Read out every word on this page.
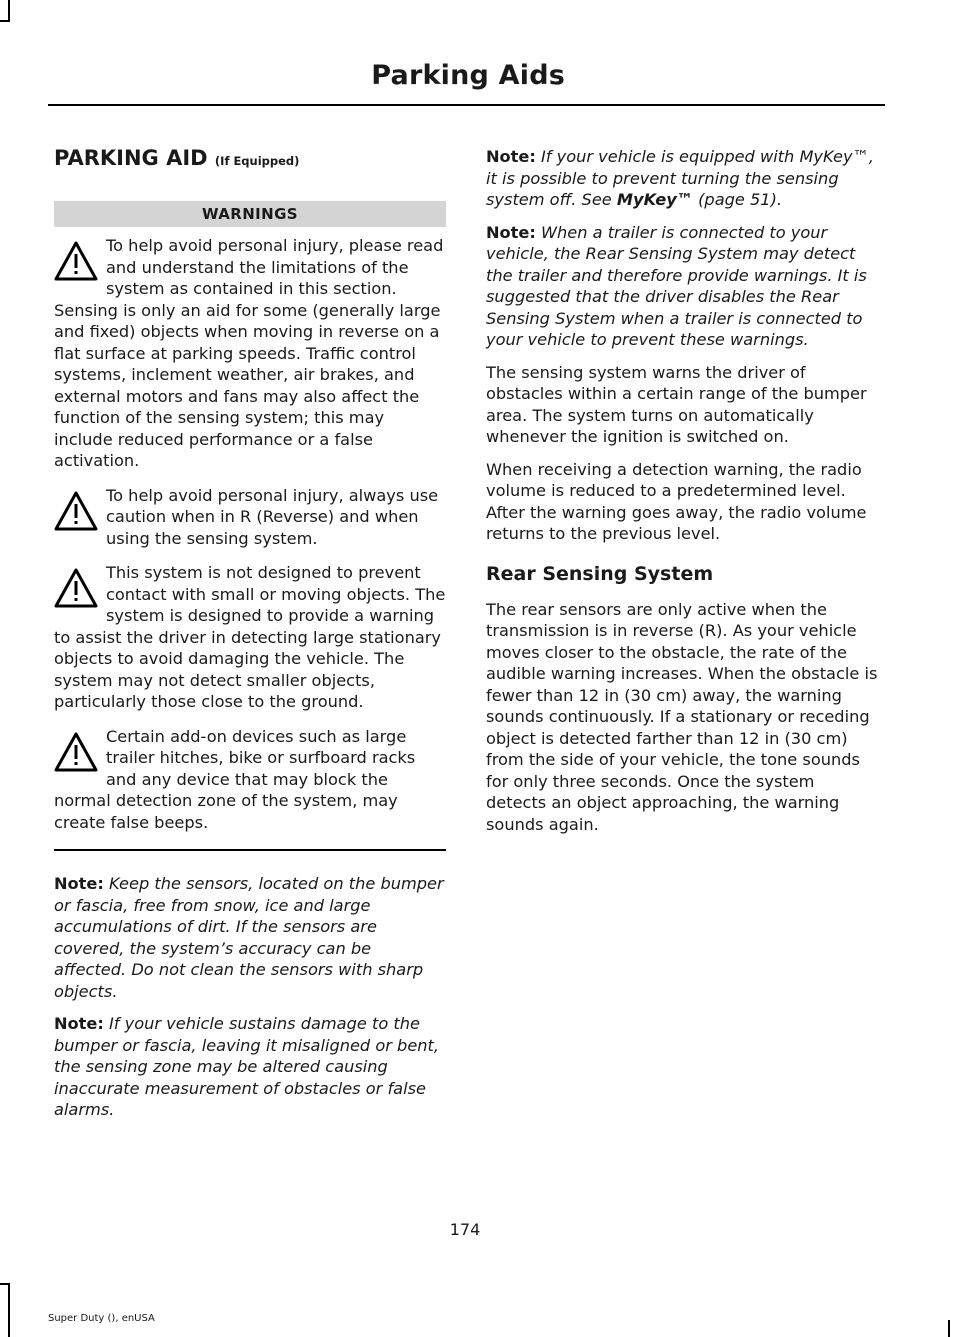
Parking Aids
PARKING AID (If Equipped)
WARNINGS
To help avoid personal injury, please read and understand the limitations of the system as contained in this section. Sensing is only an aid for some (generally large and fixed) objects when moving in reverse on a flat surface at parking speeds. Traffic control systems, inclement weather, air brakes, and external motors and fans may also affect the function of the sensing system; this may include reduced performance or a false activation.
To help avoid personal injury, always use caution when in R (Reverse) and when using the sensing system.
This system is not designed to prevent contact with small or moving objects. The system is designed to provide a warning to assist the driver in detecting large stationary objects to avoid damaging the vehicle. The system may not detect smaller objects, particularly those close to the ground.
Certain add-on devices such as large trailer hitches, bike or surfboard racks and any device that may block the normal detection zone of the system, may create false beeps.

Note: Keep the sensors, located on the bumper or fascia, free from snow, ice and large accumulations of dirt. If the sensors are covered, the system’s accuracy can be affected. Do not clean the sensors with sharp objects.

Note: If your vehicle sustains damage to the bumper or fascia, leaving it misaligned or bent, the sensing zone may be altered causing inaccurate measurement of obstacles or false alarms.

Note: If your vehicle is equipped with MyKey™, it is possible to prevent turning the sensing system off. See MyKey™ (page 51).

Note: When a trailer is connected to your vehicle, the Rear Sensing System may detect the trailer and therefore provide warnings. It is suggested that the driver disables the Rear Sensing System when a trailer is connected to your vehicle to prevent these warnings.

The sensing system warns the driver of obstacles within a certain range of the bumper area. The system turns on automatically whenever the ignition is switched on.

When receiving a detection warning, the radio volume is reduced to a predetermined level. After the warning goes away, the radio volume returns to the previous level.

Rear Sensing System

The rear sensors are only active when the transmission is in reverse (R). As your vehicle moves closer to the obstacle, the rate of the audible warning increases. When the obstacle is fewer than 12 in (30 cm) away, the warning sounds continuously. If a stationary or receding object is detected farther than 12 in (30 cm) from the side of your vehicle, the tone sounds for only three seconds. Once the system detects an object approaching, the warning sounds again.

174
Super Duty (), enUSA
